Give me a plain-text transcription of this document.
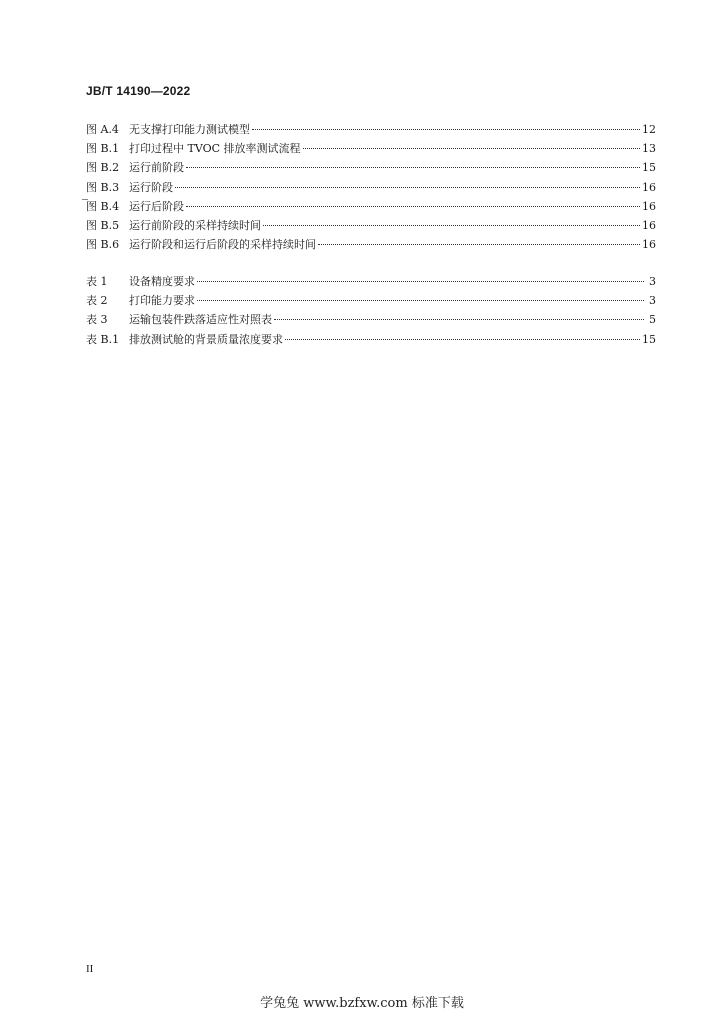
JB/T 14190—2022
图 A.4 无支撑打印能力测试模型	12
图 B.1 打印过程中 TVOC 排放率测试流程	13
图 B.2 运行前阶段	15
图 B.3 运行阶段	16
图 B.4 运行后阶段	16
图 B.5 运行前阶段的采样持续时间	16
图 B.6 运行阶段和运行后阶段的采样持续时间	16
表 1	设备精度要求	3
表 2	打印能力要求	3
表 3	运输包装件跌落适应性对照表	5
表 B.1 排放测试舱的背景质量浓度要求	15
II
学兔兔 www.bzfxw.com 标准下载
